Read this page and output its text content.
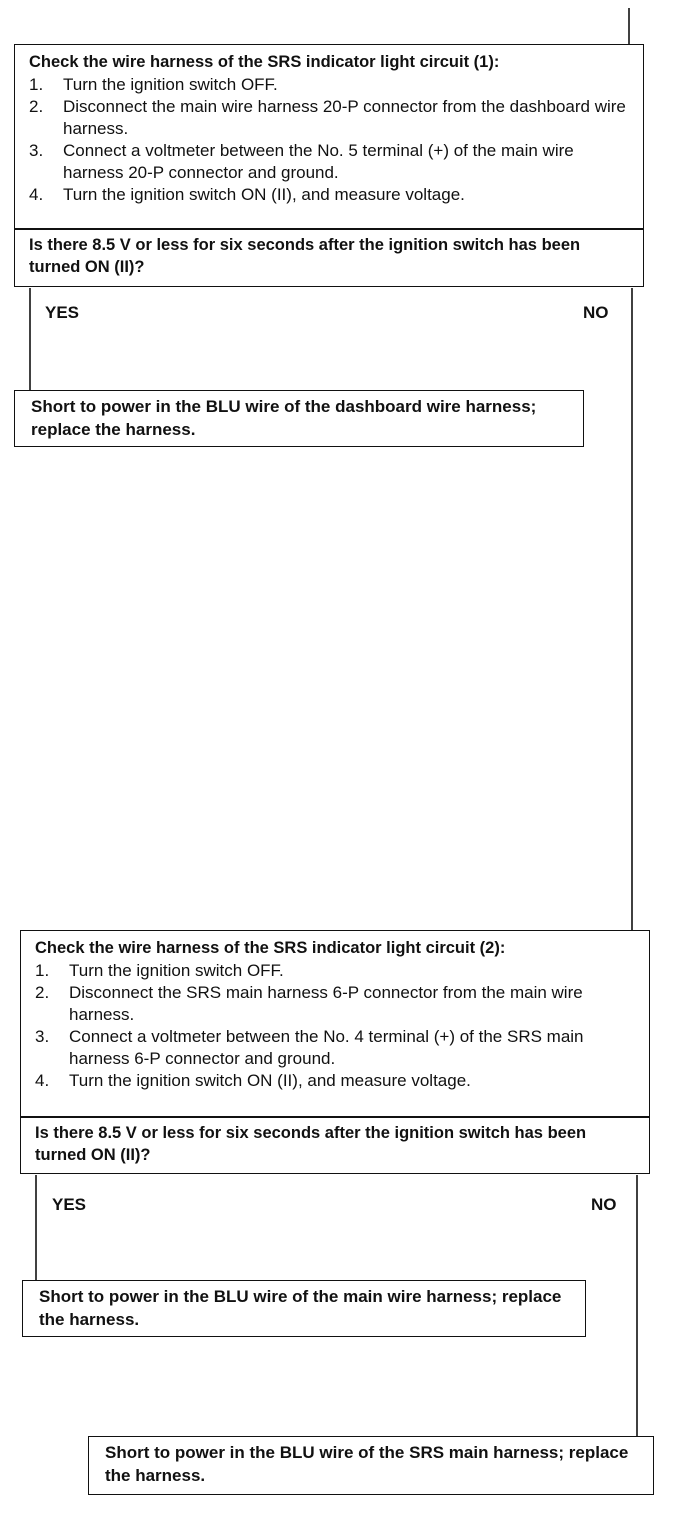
Check the wire harness of the SRS indicator light circuit (1):
1. Turn the ignition switch OFF.
2. Disconnect the main wire harness 20-P connector from the dashboard wire harness.
3. Connect a voltmeter between the No. 5 terminal (+) of the main wire harness 20-P connector and ground.
4. Turn the ignition switch ON (II), and measure voltage.
Is there 8.5 V or less for six seconds after the ignition switch has been turned ON (II)?
YES	NO
Short to power in the BLU wire of the dashboard wire harness; replace the harness.
Check the wire harness of the SRS indicator light circuit (2):
1. Turn the ignition switch OFF.
2. Disconnect the SRS main harness 6-P connector from the main wire harness.
3. Connect a voltmeter between the No. 4 terminal (+) of the SRS main harness 6-P connector and ground.
4. Turn the ignition switch ON (II), and measure voltage.
Is there 8.5 V or less for six seconds after the ignition switch has been turned ON (II)?
YES	NO
Short to power in the BLU wire of the main wire harness; replace the harness.
Short to power in the BLU wire of the SRS main harness; replace the harness.
